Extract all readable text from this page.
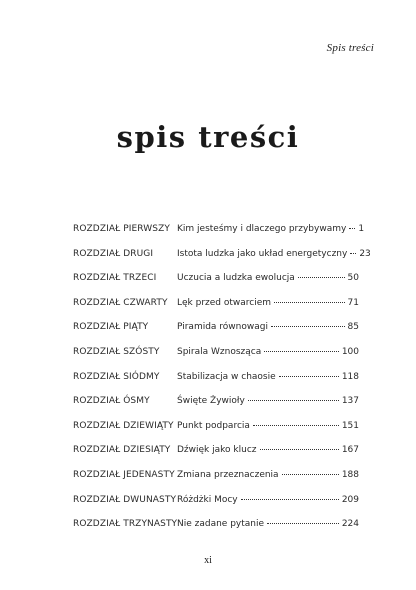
Spis treści
spis treści
ROZDZIAŁ PIERWSZY Kim jesteśmy i dlaczego przybywamy 1
ROZDZIAŁ DRUGI	Istota ludzka jako układ energetyczny 23
ROZDZIAŁ TRZECI	Uczucia a ludzka ewolucja	50
ROZDZIAŁ CZWARTY	Lęk przed otwarciem	71
ROZDZIAŁ PIĄTY	Piramida równowagi	85
ROZDZIAŁ SZÓSTY	Spirala Wznosząca	100
ROZDZIAŁ SIÓDMY	Stabilizacja w chaosie	118
ROZDZIAŁ ÓSMY	Święte Żywioły	137
ROZDZIAŁ DZIEWIĄTY Punkt podparcia	151
ROZDZIAŁ DZIESIĄTY Dźwięk jako klucz	167
ROZDZIAŁ JEDENASTY Zmiana przeznaczenia	188
ROZDZIAŁ DWUNASTY Różdżki Mocy	209
ROZDZIAŁ TRZYNASTY Nie zadane pytanie	224
xi
